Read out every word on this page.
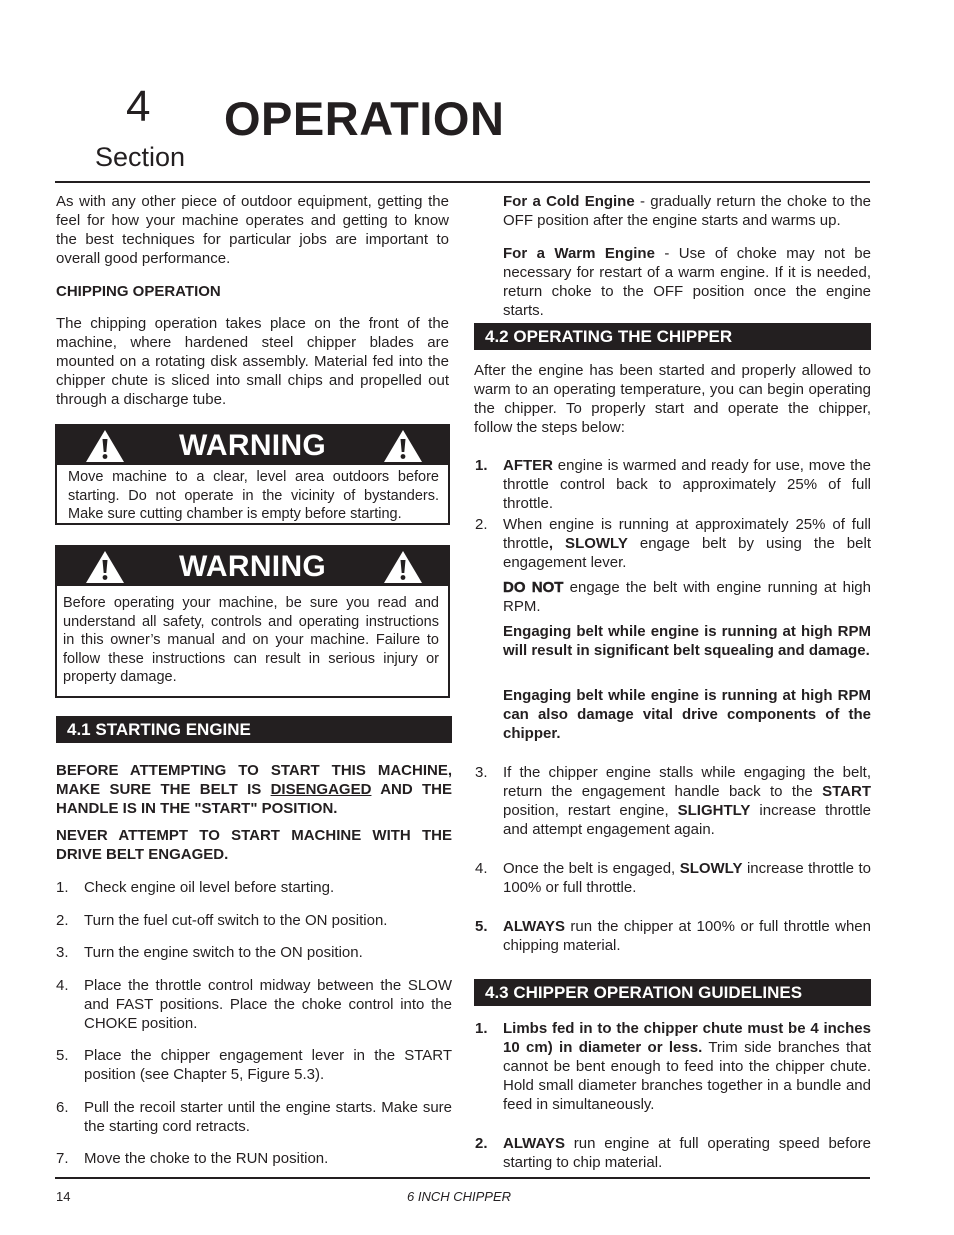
4
Section
OPERATION

As with any other piece of outdoor equipment, getting the feel for how your machine operates and getting to know the best techniques for particular jobs are important to overall good performance.

CHIPPING OPERATION

The chipping operation takes place on the front of the machine, where hardened steel chipper blades are mounted on a rotating disk assembly. Material fed into the chipper chute is sliced into small chips and propelled out through a discharge tube.

WARNING

Move machine to a clear, level area outdoors before starting. Do not operate in the vicinity of bystanders. Make sure cutting chamber is empty before starting.

WARNING

Before operating your machine, be sure you read and understand all safety, controls and operating instructions in this owner’s manual and on your machine. Failure to follow these instructions can result in serious injury or property damage.

4.1 STARTING ENGINE

BEFORE ATTEMPTING TO START THIS MACHINE, MAKE SURE THE BELT IS DISENGAGED AND THE HANDLE IS IN THE "START" POSITION.

NEVER ATTEMPT TO START MACHINE WITH THE DRIVE BELT ENGAGED.

1. Check engine oil level before starting.
2. Turn the fuel cut-off switch to the ON position.
3. Turn the engine switch to the ON position.
4. Place the throttle control midway between the SLOW and FAST positions. Place the choke control into the CHOKE position.
5. Place the chipper engagement lever in the START position (see Chapter 5, Figure 5.3).
6. Pull the recoil starter until the engine starts. Make sure the starting cord retracts.
7. Move the choke to the RUN position.

For a Cold Engine - gradually return the choke to the OFF position after the engine starts and warms up.

For a Warm Engine - Use of choke may not be necessary for restart of a warm engine. If it is needed, return choke to the OFF position once the engine starts.

4.2 OPERATING THE CHIPPER

After the engine has been started and properly allowed to warm to an operating temperature, you can begin operating the chipper. To properly start and operate the chipper, follow the steps below:

1. AFTER engine is warmed and ready for use, move the throttle control back to approximately 25% of full throttle.
2. When engine is running at approximately 25% of full throttle, SLOWLY engage belt by using the belt engagement lever.

DO NOT engage the belt with engine running at high RPM.

Engaging belt while engine is running at high RPM will result in significant belt squealing and damage.

Engaging belt while engine is running at high RPM can also damage vital drive components of the chipper.

3. If the chipper engine stalls while engaging the belt, return the engagement handle back to the START position, restart engine, SLIGHTLY increase throttle and attempt engagement again.
4. Once the belt is engaged, SLOWLY increase throttle to 100% or full throttle.
5. ALWAYS run the chipper at 100% or full throttle when chipping material.
4.3 CHIPPER OPERATION GUIDELINES
1. Limbs fed in to the chipper chute must be 4 inches 10 cm) in diameter or less. Trim side branches that cannot be bent enough to feed into the chipper chute. Hold small diameter branches together in a bundle and feed in simultaneously.
2. ALWAYS run engine at full operating speed before starting to chip material.
14	6 INCH CHIPPER
